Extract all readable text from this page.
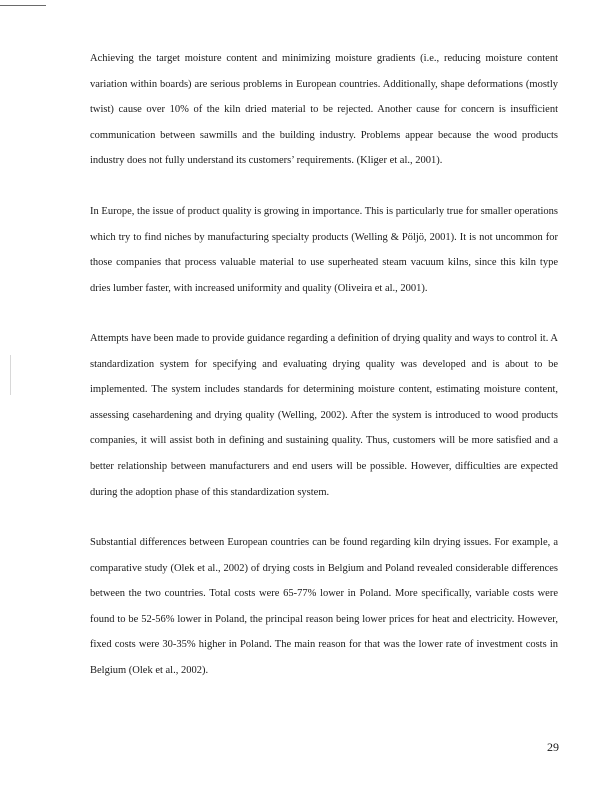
Achieving the target moisture content and minimizing moisture gradients (i.e., reducing moisture content variation within boards) are serious problems in European countries. Additionally, shape deformations (mostly twist) cause over 10% of the kiln dried material to be rejected. Another cause for concern is insufficient communication between sawmills and the building industry. Problems appear because the wood products industry does not fully understand its customers’ requirements. (Kliger et al., 2001).

In Europe, the issue of product quality is growing in importance. This is particularly true for smaller operations which try to find niches by manufacturing specialty products (Welling & Pöljö, 2001). It is not uncommon for those companies that process valuable material to use superheated steam vacuum kilns, since this kiln type dries lumber faster, with increased uniformity and quality (Oliveira et al., 2001).

Attempts have been made to provide guidance regarding a definition of drying quality and ways to control it. A standardization system for specifying and evaluating drying quality was developed and is about to be implemented. The system includes standards for determining moisture content, estimating moisture content, assessing casehardening and drying quality (Welling, 2002). After the system is introduced to wood products companies, it will assist both in defining and sustaining quality. Thus, customers will be more satisfied and a better relationship between manufacturers and end users will be possible. However, difficulties are expected during the adoption phase of this standardization system.

Substantial differences between European countries can be found regarding kiln drying issues. For example, a comparative study (Olek et al., 2002) of drying costs in Belgium and Poland revealed considerable differences between the two countries. Total costs were 65-77% lower in Poland. More specifically, variable costs were found to be 52-56% lower in Poland, the principal reason being lower prices for heat and electricity. However, fixed costs were 30-35% higher in Poland. The main reason for that was the lower rate of investment costs in Belgium (Olek et al., 2002).

29
